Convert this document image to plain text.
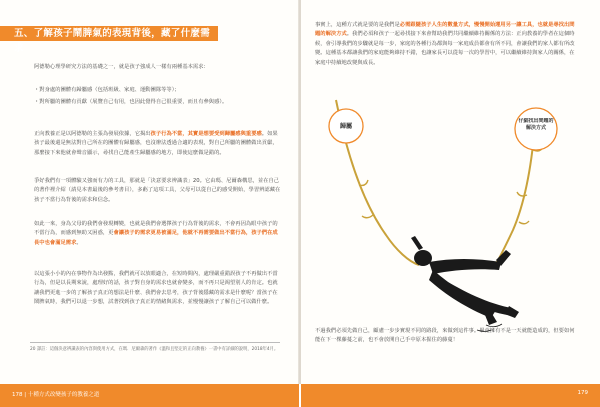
五、了解孩子鬧脾氣的表現背後，藏了什麼需求
阿德勒心理學研究方法的基礎之一，就是孩子強成人一樣有兩種基本需求：
・對身處的團體有歸屬感（包括班級、家庭、運動團隊等等）；
・對所屬的團體有貢獻（展覽自己有用，也因此覺得自己很重要，而且有參與感）。
正向教養正是以阿德勒的主張為發展依據，它揭出孩子行為不當，其實是想要受到歸屬感與重要感。如果孩子最後還是無法對自己所在的團體有歸屬感，也沒辦法透過合適的表現，對自己所屬的團體做出貢獻，那麼接下來他就會聲音顯示，尋找自己能產生歸屬感的地方，即使這麼做是錯的。
爭好我們有一項體驗又強而有力的工具，那就是「決意要求辨識表」20。它由瑪、尼爾森構思，並在自己的著作裡介紹（請見本書最後的參考書目），多虧了這項工具，父母可以從自己的感受開始，學習辨認藏在孩子不當行為背後的需求和信念。
如此一來，身為父母的我們會發現轉變，也就是我們會選擇孩子行為背後的需求，不會再因為眼中孩子的不當行為，而感到無助又困惑，更會讓孩子的需求更易被滿足，他就不再需要做出不當行為，孩子們在成長中也會滿足需求。
以這張小小的內在事物作為出發點，我們就可以放眼適合，在短時間內，處理嚴重錯誤孩子不再做出不當行為，但是以長期來說，處理好的話，孩子對自身的需求也就會變多，而不再只是渴望別人的肯定。也就讓我們更進一步的了解孩子真正的想法是什麼、我們會去思考，孩子背後隱藏的需求是什麼呢？當孩子在鬧脾氣時，我們可以退一步想，試著找到孩子真正的情緒與需求，並慢慢讓孩子了解自己可以做什麼。
20 譯註：這個決意辨識表的內容與使用方式，在瑪．尼爾森的著作《溫和且堅定的正向教養》一書中有詳細的說明，2018年4月。
事實上，這種方式就是要的是我們是必需跟隨孩子人生的數量方式，慢慢開始運用另一讓工具，也就是尋找出問題的解決方式。我們必須和孩子一起尋找接下來會幫助我們共同繼續維持關係的方法：正向教養的學者在這個時候，會引導我們的步驟就是每一步，家庭的各種行為都與每一家庭成員都會有所不同，會讓我們的家人都有所改變。這種基本都讓我們的家庭能夠維持不錯，也讓家長可以從每一次的學習中，可以繼續維持與家人的關係，在家庭中持續地改變與成長。
不過我們必須先做自己，顧慮一步步實現不同的路段，來做到這件事。畢竟擁有不是一天就能造成的，但要如何能在下一棵藤蔓之前，也不會放開自己手中原本握住的藤蔓！
歸屬
仔細找出問題的解決方式
178 | 十種方式改變孩子的教養之道	179
